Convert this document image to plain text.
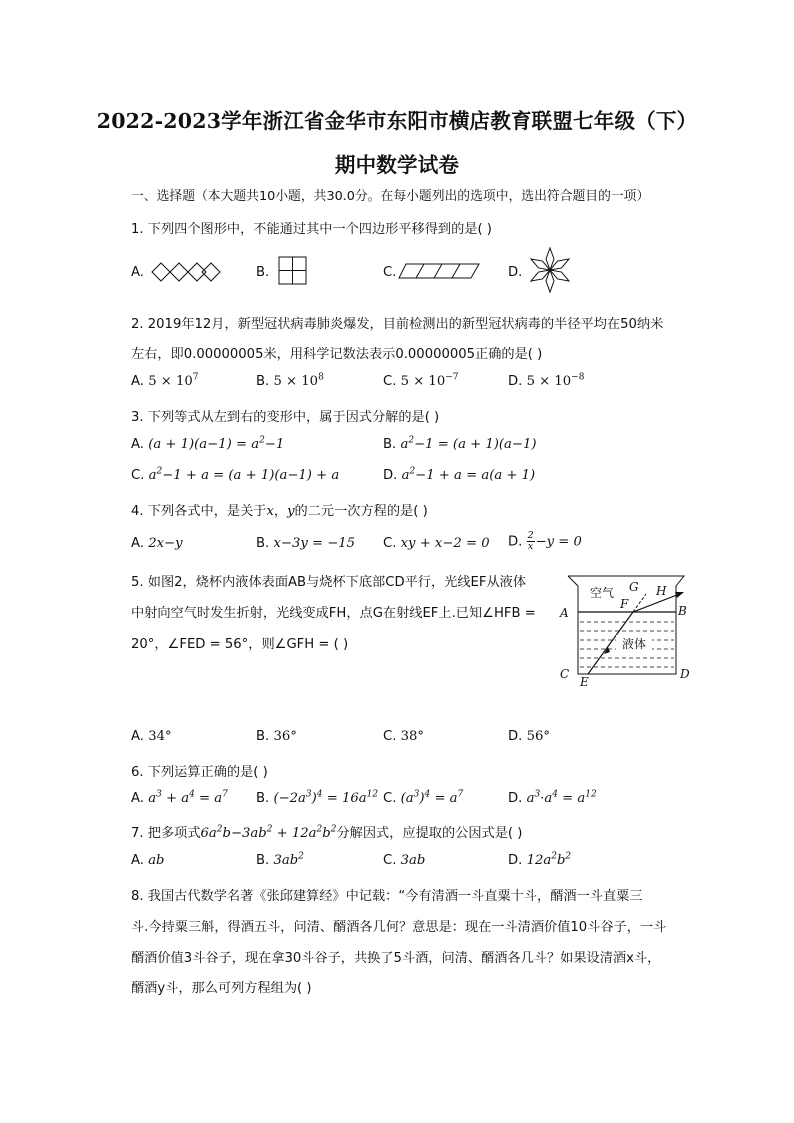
2022-2023学年浙江省金华市东阳市横店教育联盟七年级（下）
期中数学试卷
一、选择题（本大题共10小题，共30.0分。在每小题列出的选项中，选出符合题目的一项）
1. 下列四个图形中，不能通过其中一个四边形平移得到的是( )
A.	B.	C.	D.
2. 2019年12月，新型冠状病毒肺炎爆发，目前检测出的新型冠状病毒的半径平均在50纳米
左右，即0.00000005米，用科学记数法表示0.00000005正确的是( )
A. $5 \times 10^7$	B. $5 \times 10^8$	C. $5 \times 10^{-7}$	D. $5 \times 10^{-8}$
3. 下列等式从左到右的变形中，属于因式分解的是( )
A. $(a + 1)(a-1) = a^2-1$	B. $a^2-1 = (a + 1)(a-1)$
C. $a^2-1 + a = (a + 1)(a-1) + a$	D. $a^2-1 + a = a(a + 1)$
4. 下列各式中，是关于x，y的二元一次方程的是( )
A. 2x−y	B. x−3y = −15 C. xy + x−2 = 0 D. $\frac{2}{x} -y = 0$
5. 如图2，烧杯内液体表面AB与烧杯下底部CD平行，光线EF从液体
中射向空气时发生折射，光线变成FH，点G在射线EF上.已知∠HFB =
20°，∠FED = 56°，则∠GFH = ( )
A	B
C	D
E
F
G H
空气
液体
A. 34°	B. 36°	C. 38°	D. 56°
6. 下列运算正确的是( )
A. $a^3 + a^4 = a^7$ B. $(-2a^3)^4 = 16a^{12}$ C. $(a^3)^4 = a^7$	D. $a^3\cdot a^4 = a^{12}$
7. 把多项式$6a^2b-3ab^2 + 12a^2b^2$分解因式，应提取的公因式是( )
A. ab	B. $3ab^2$	C. 3ab	D. $12a^2b^2$
8. 我国古代数学名著《张邱建算经》中记载：“今有清酒一斗直粟十斗，醑酒一斗直粟三
斗.今持粟三斛，得酒五斗，问清、醑酒各几何？意思是：现在一斗清酒价值10斗谷子，一斗
醑酒价值3斗谷子，现在拿30斗谷子，共换了5斗酒，问清、醑酒各几斗？如果设清酒x斗，
醑酒y斗，那么可列方程组为( )
